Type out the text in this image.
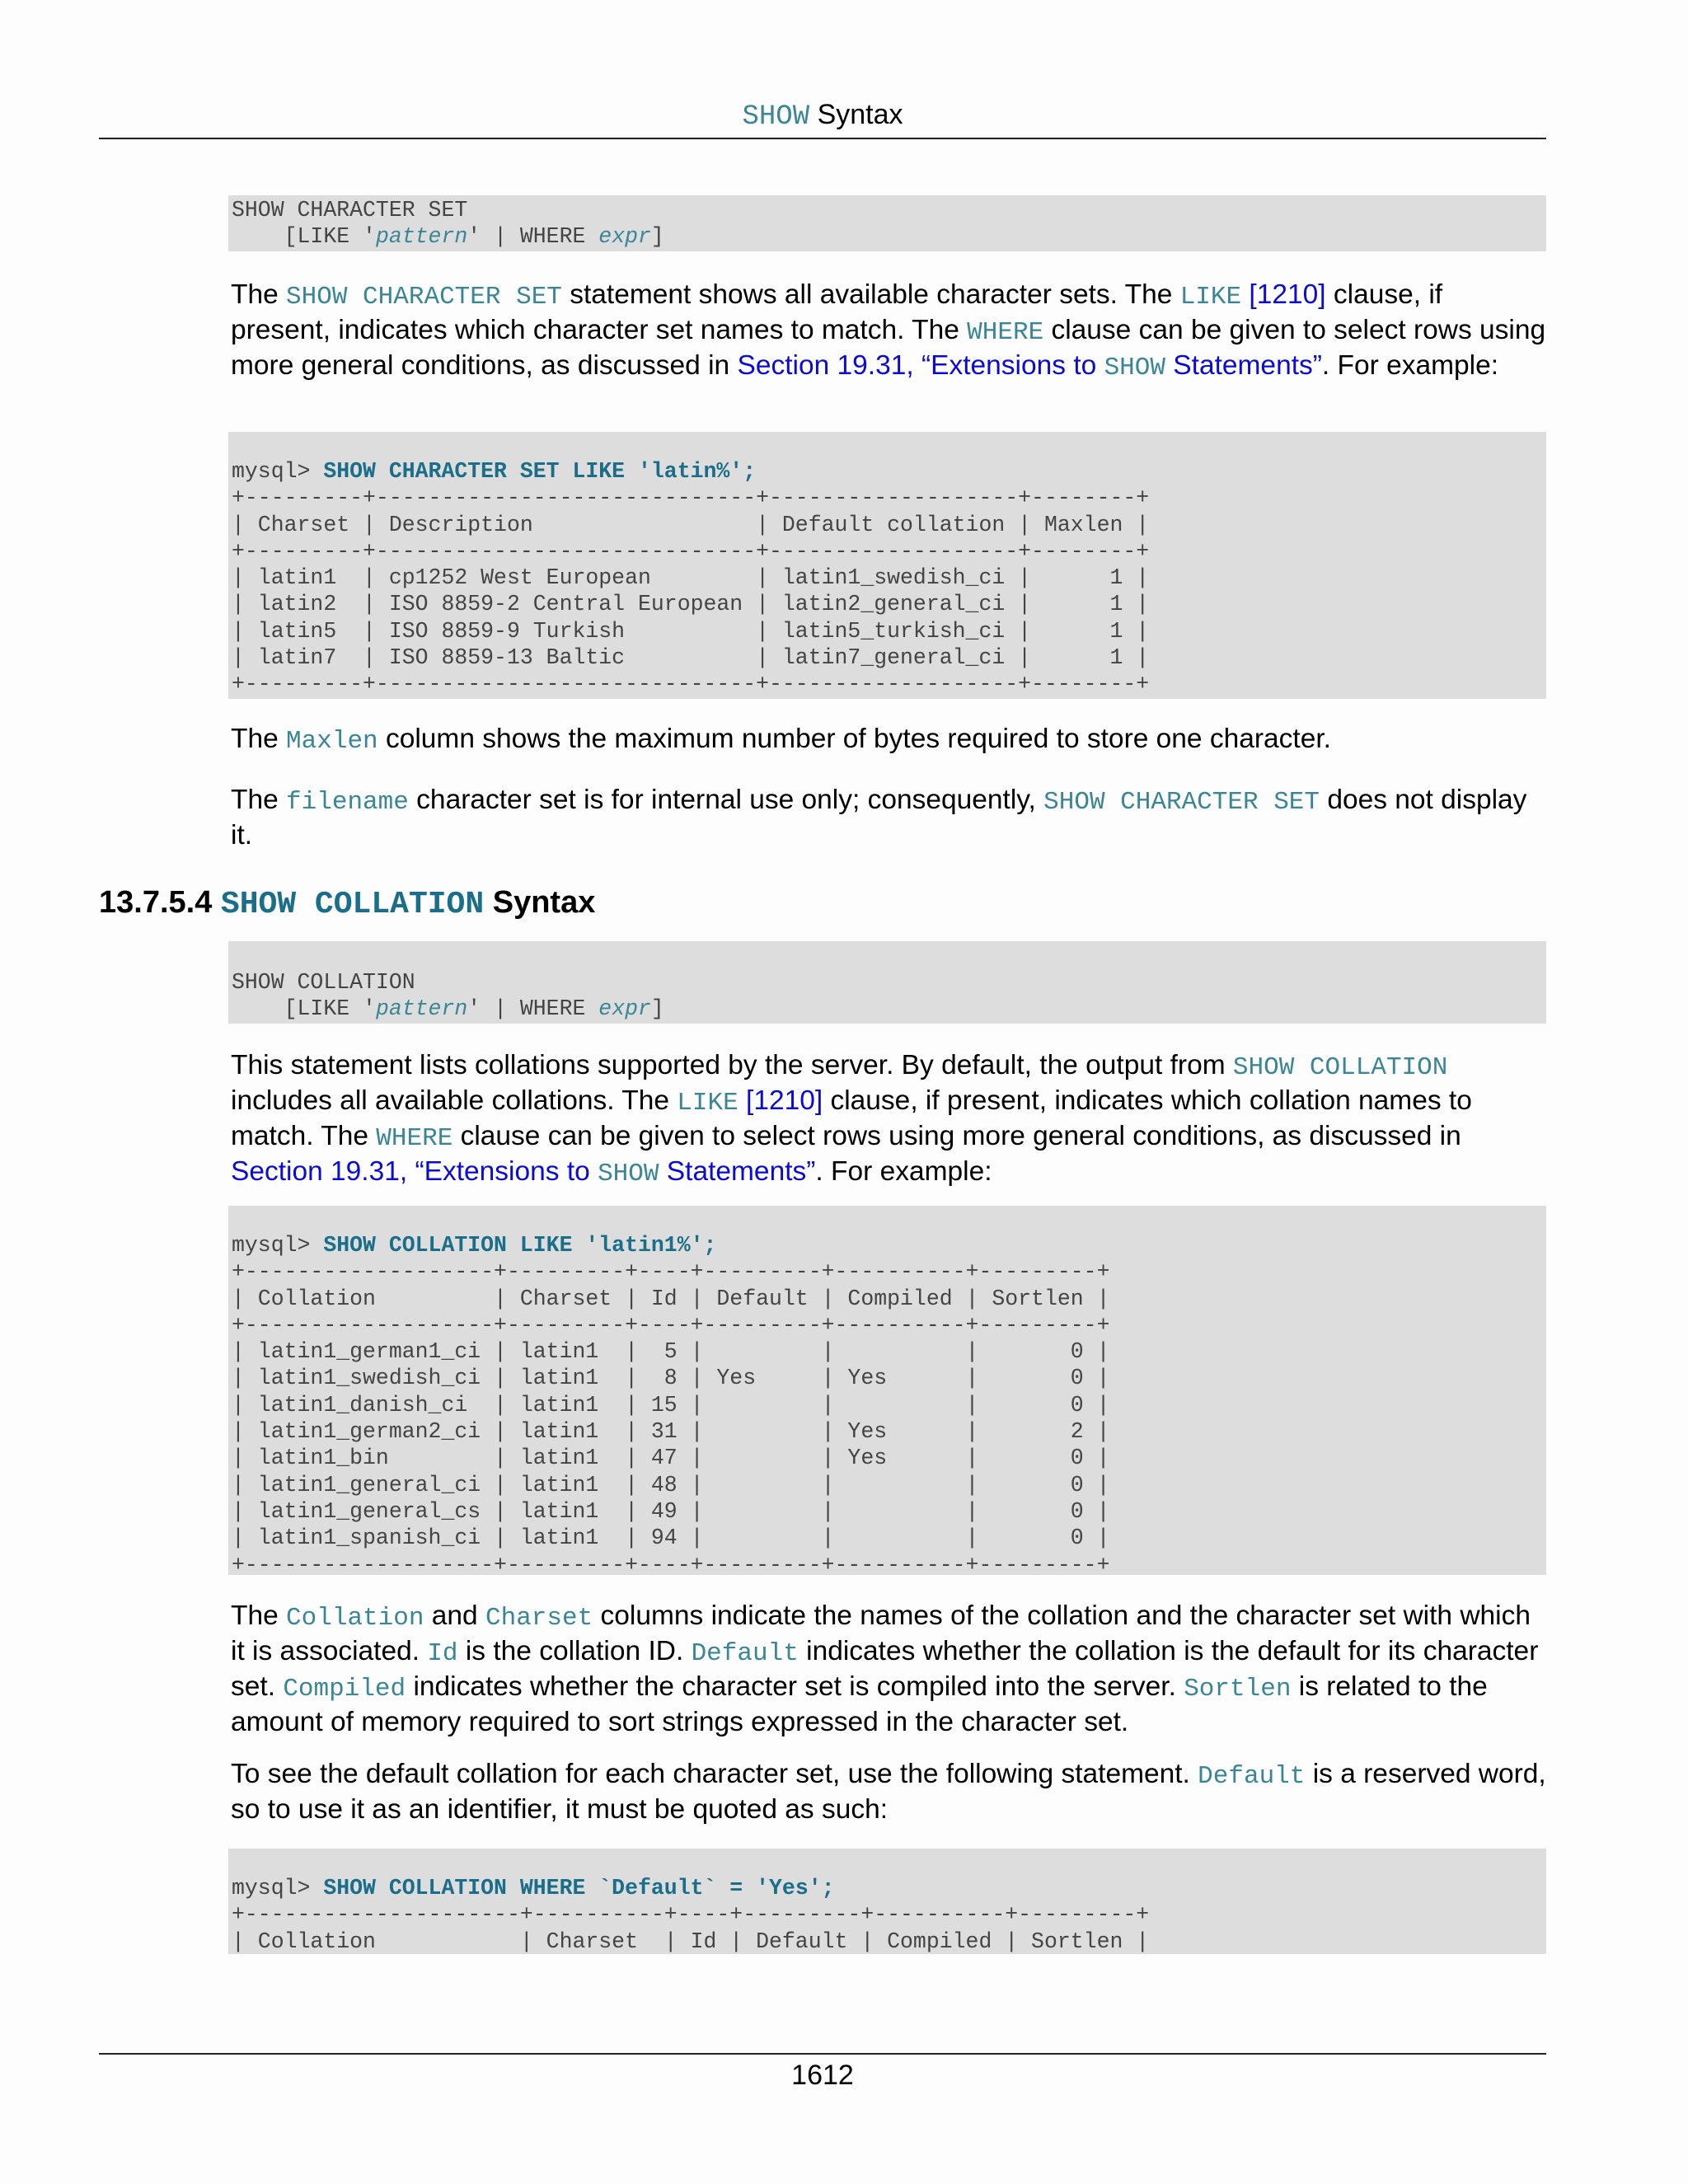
SHOW Syntax
SHOW CHARACTER SET
[LIKE 'pattern' | WHERE expr]
The SHOW CHARACTER SET statement shows all available character sets. The LIKE [1210] clause, if present, indicates which character set names to match. The WHERE clause can be given to select rows using more general conditions, as discussed in Section 19.31, “Extensions to SHOW Statements”. For example:
mysql> SHOW CHARACTER SET LIKE 'latin%';
+---------+-----------------------------+-------------------+--------+
| Charset | Description                 | Default collation | Maxlen |
+---------+-----------------------------+-------------------+--------+
| latin1  | cp1252 West European        | latin1_swedish_ci |      1 |
| latin2  | ISO 8859-2 Central European | latin2_general_ci |      1 |
| latin5  | ISO 8859-9 Turkish          | latin5_turkish_ci |      1 |
| latin7  | ISO 8859-13 Baltic          | latin7_general_ci |      1 |
+---------+-----------------------------+-------------------+--------+
The Maxlen column shows the maximum number of bytes required to store one character.
The filename character set is for internal use only; consequently, SHOW CHARACTER SET does not display it.
13.7.5.4 SHOW COLLATION Syntax
SHOW COLLATION
[LIKE 'pattern' | WHERE expr]
This statement lists collations supported by the server. By default, the output from SHOW COLLATION includes all available collations. The LIKE [1210] clause, if present, indicates which collation names to match. The WHERE clause can be given to select rows using more general conditions, as discussed in Section 19.31, “Extensions to SHOW Statements”. For example:
mysql> SHOW COLLATION LIKE 'latin1%';
+-------------------+---------+----+---------+----------+---------+
| Collation         | Charset | Id | Default | Compiled | Sortlen |
+-------------------+---------+----+---------+----------+---------+
| latin1_german1_ci | latin1  |  5 |         |          |       0 |
| latin1_swedish_ci | latin1  |  8 | Yes     | Yes      |       0 |
| latin1_danish_ci  | latin1  | 15 |         |          |       0 |
| latin1_german2_ci | latin1  | 31 |         | Yes      |       2 |
| latin1_bin        | latin1  | 47 |         | Yes      |       0 |
| latin1_general_ci | latin1  | 48 |         |          |       0 |
| latin1_general_cs | latin1  | 49 |         |          |       0 |
| latin1_spanish_ci | latin1  | 94 |         |          |       0 |
+-------------------+---------+----+---------+----------+---------+
The Collation and Charset columns indicate the names of the collation and the character set with which it is associated. Id is the collation ID. Default indicates whether the collation is the default for its character set. Compiled indicates whether the character set is compiled into the server. Sortlen is related to the amount of memory required to sort strings expressed in the character set.
To see the default collation for each character set, use the following statement. Default is a reserved word, so to use it as an identifier, it must be quoted as such:
mysql> SHOW COLLATION WHERE `Default` = 'Yes';
+---------------------+----------+----+---------+----------+---------+
| Collation           | Charset  | Id | Default | Compiled | Sortlen |
1612
